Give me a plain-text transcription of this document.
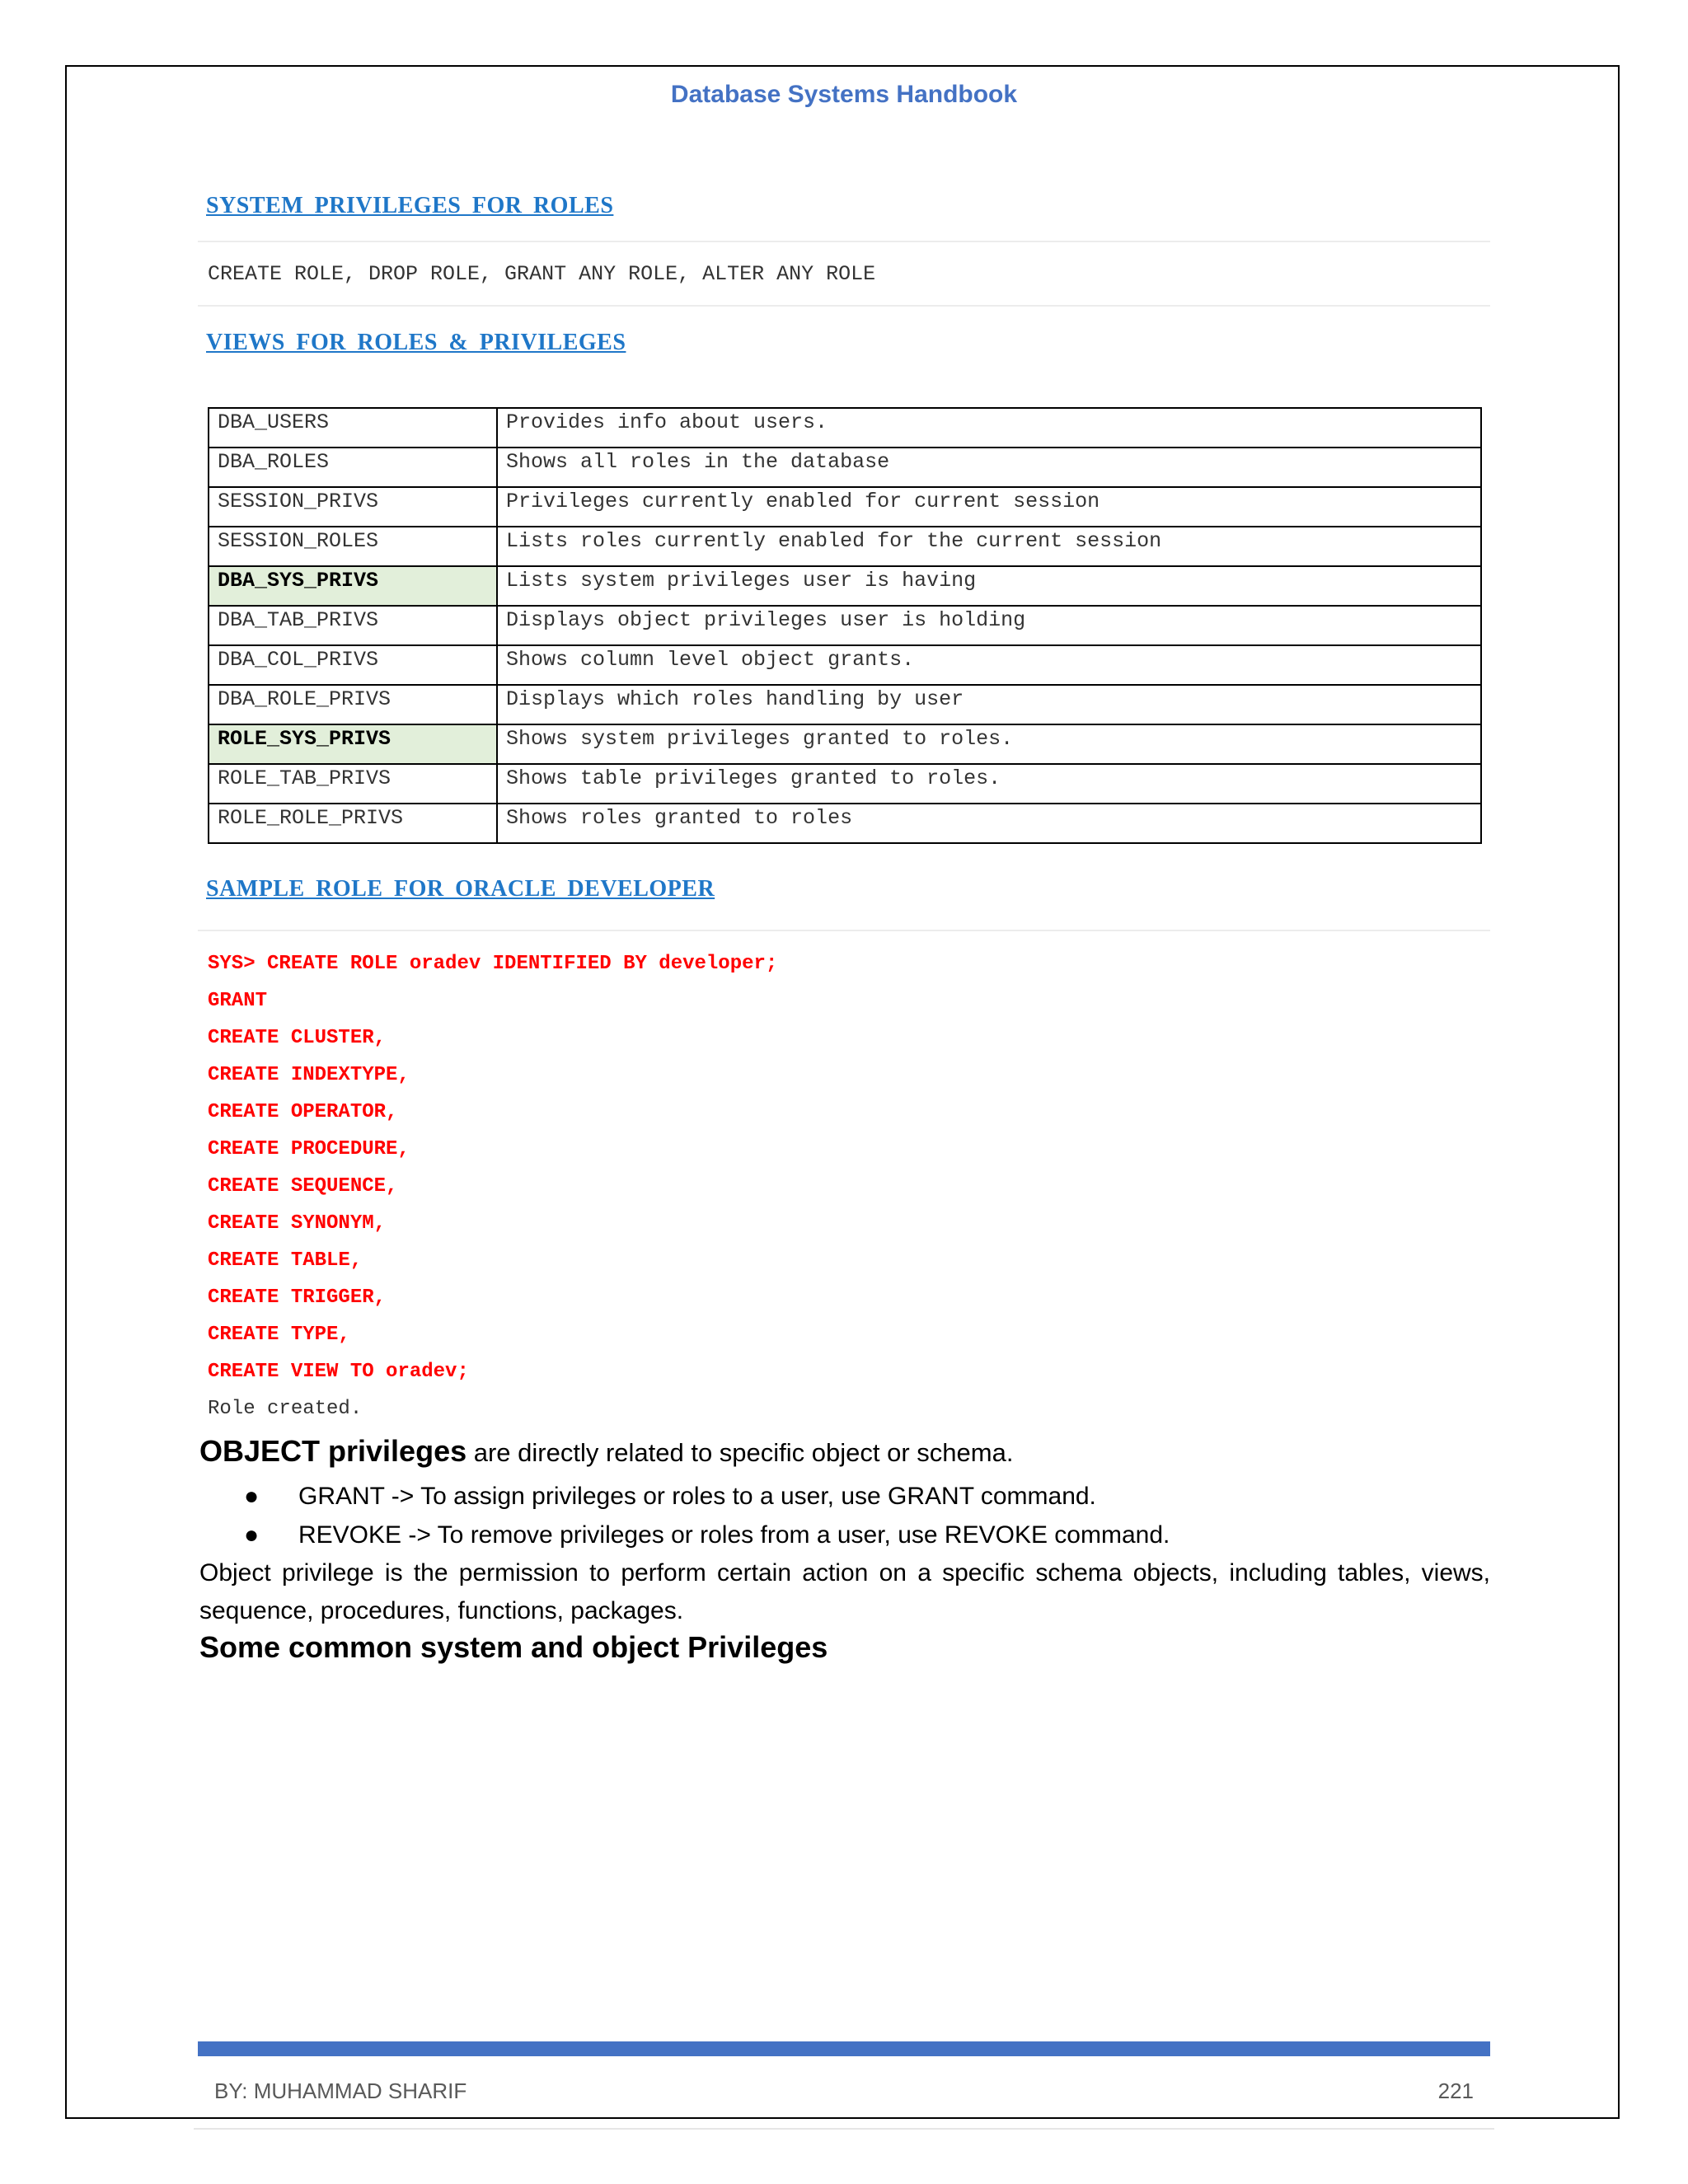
Database Systems Handbook
SYSTEM PRIVILEGES FOR ROLES
CREATE ROLE, DROP ROLE, GRANT ANY ROLE, ALTER ANY ROLE
VIEWS FOR ROLES & PRIVILEGES
DBA_USERS	Provides info about users.
DBA_ROLES	Shows all roles in the database
SESSION_PRIVS	Privileges currently enabled for current session
SESSION_ROLES	Lists roles currently enabled for the current session
DBA_SYS_PRIVS	Lists system privileges user is having
DBA_TAB_PRIVS	Displays object privileges user is holding
DBA_COL_PRIVS	Shows column level object grants.
DBA_ROLE_PRIVS	Displays which roles handling by user
ROLE_SYS_PRIVS	Shows system privileges granted to roles.
ROLE_TAB_PRIVS	Shows table privileges granted to roles.
ROLE_ROLE_PRIVS	Shows roles granted to roles
SAMPLE ROLE FOR ORACLE DEVELOPER
SYS> CREATE ROLE oradev IDENTIFIED BY developer;
GRANT
CREATE CLUSTER,
CREATE INDEXTYPE,
CREATE OPERATOR,
CREATE PROCEDURE,
CREATE SEQUENCE,
CREATE SYNONYM,
CREATE TABLE,
CREATE TRIGGER,
CREATE TYPE,
CREATE VIEW TO oradev;
Role created.
OBJECT privileges are directly related to specific object or schema.
● GRANT -> To assign privileges or roles to a user, use GRANT command.
● REVOKE -> To remove privileges or roles from a user, use REVOKE command.
Object privilege is the permission to perform certain action on a specific schema objects, including tables, views, sequence, procedures, functions, packages.
Some common system and object Privileges
BY: MUHAMMAD SHARIF	221
